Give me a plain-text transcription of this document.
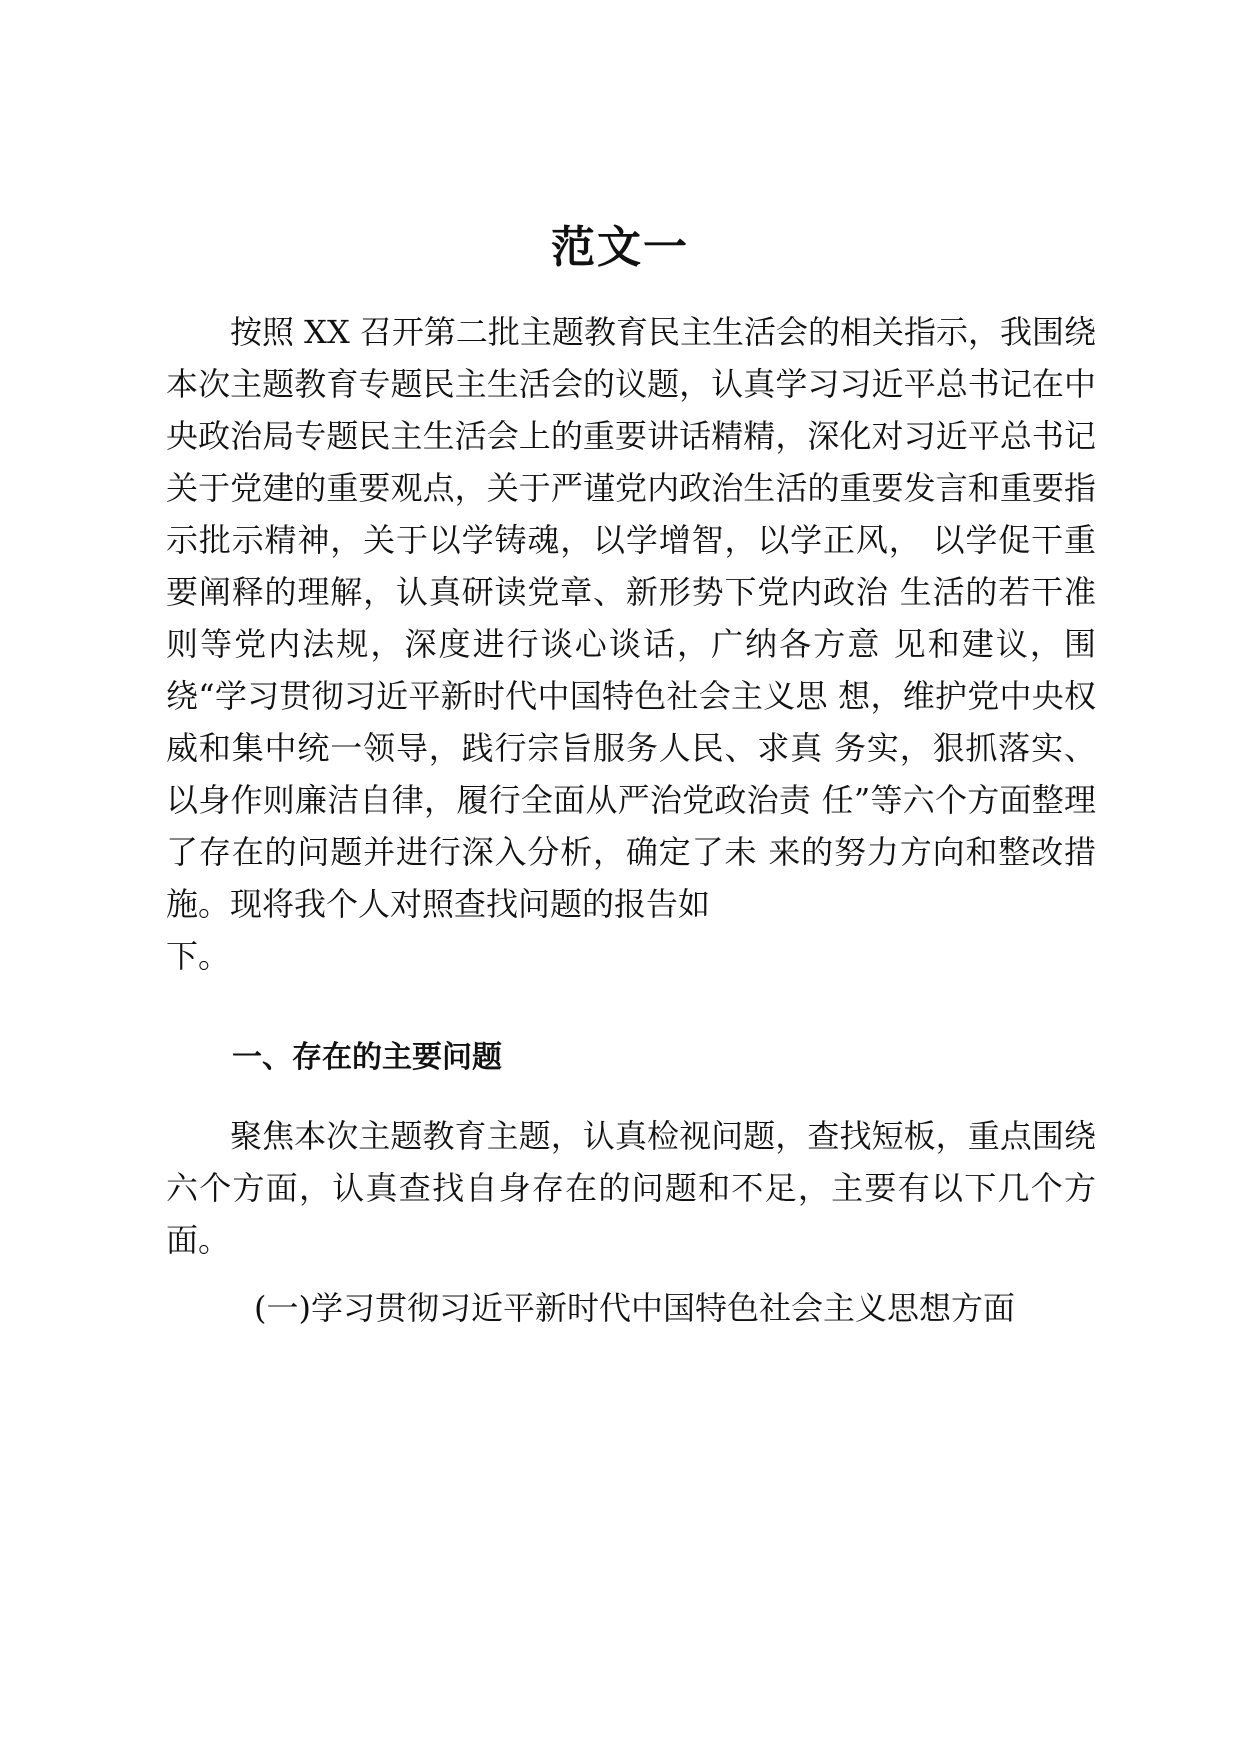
范文一
按照 XX 召开第二批主题教育民主生活会的相关指示，我围绕本次主题教育专题民主生活会的议题，认真学习习近平总书记在中央政治局专题民主生活会上的重要讲话精精，深化对习近平总书记关于党建的重要观点，关于严谨党内政治生活的重要发言和重要指示批示精神，关于以学铸魂，以学增智，以学正风， 以学促干重要阐释的理解，认真研读党章、新形势下党内政治 生活的若干准则等党内法规，深度进行谈心谈话，广纳各方意 见和建议，围绕“学习贯彻习近平新时代中国特色社会主义思 想，维护党中央权威和集中统一领导，践行宗旨服务人民、求真 务实，狠抓落实、以身作则廉洁自律，履行全面从严治党政治责 任”等六个方面整理了存在的问题并进行深入分析，确定了未 来的努力方向和整改措施。现将我个人对照查找问题的报告如
下。
一、存在的主要问题
聚焦本次主题教育主题，认真检视问题，查找短板，重点围绕六个方面，认真查找自身存在的问题和不足，主要有以下几个方面。
(一)学习贯彻习近平新时代中国特色社会主义思想方面
